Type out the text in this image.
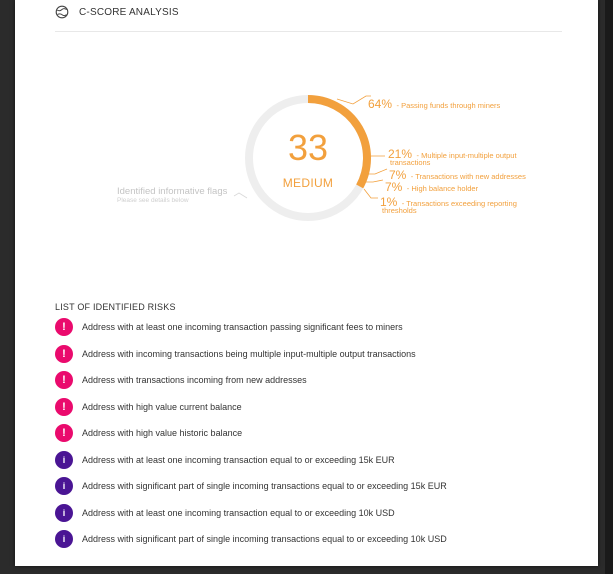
C-SCORE ANALYSIS
33
MEDIUM
Identified informative flags
Please see details below
64% - Passing funds through miners
21% - Multiple input-multiple output
transactions
7% - Transactions with new addresses
7% - High balance holder
1% - Transactions exceeding reporting
thresholds
LIST OF IDENTIFIED RISKS
!	Address with at least one incoming transaction passing significant fees to miners
!	Address with incoming transactions being multiple input-multiple output transactions
!	Address with transactions incoming from new addresses
!	Address with high value current balance
!	Address with high value historic balance
i	Address with at least one incoming transaction equal to or exceeding 15k EUR
i	Address with significant part of single incoming transactions equal to or exceeding 15k EUR
i	Address with at least one incoming transaction equal to or exceeding 10k USD
i	Address with significant part of single incoming transactions equal to or exceeding 10k USD
